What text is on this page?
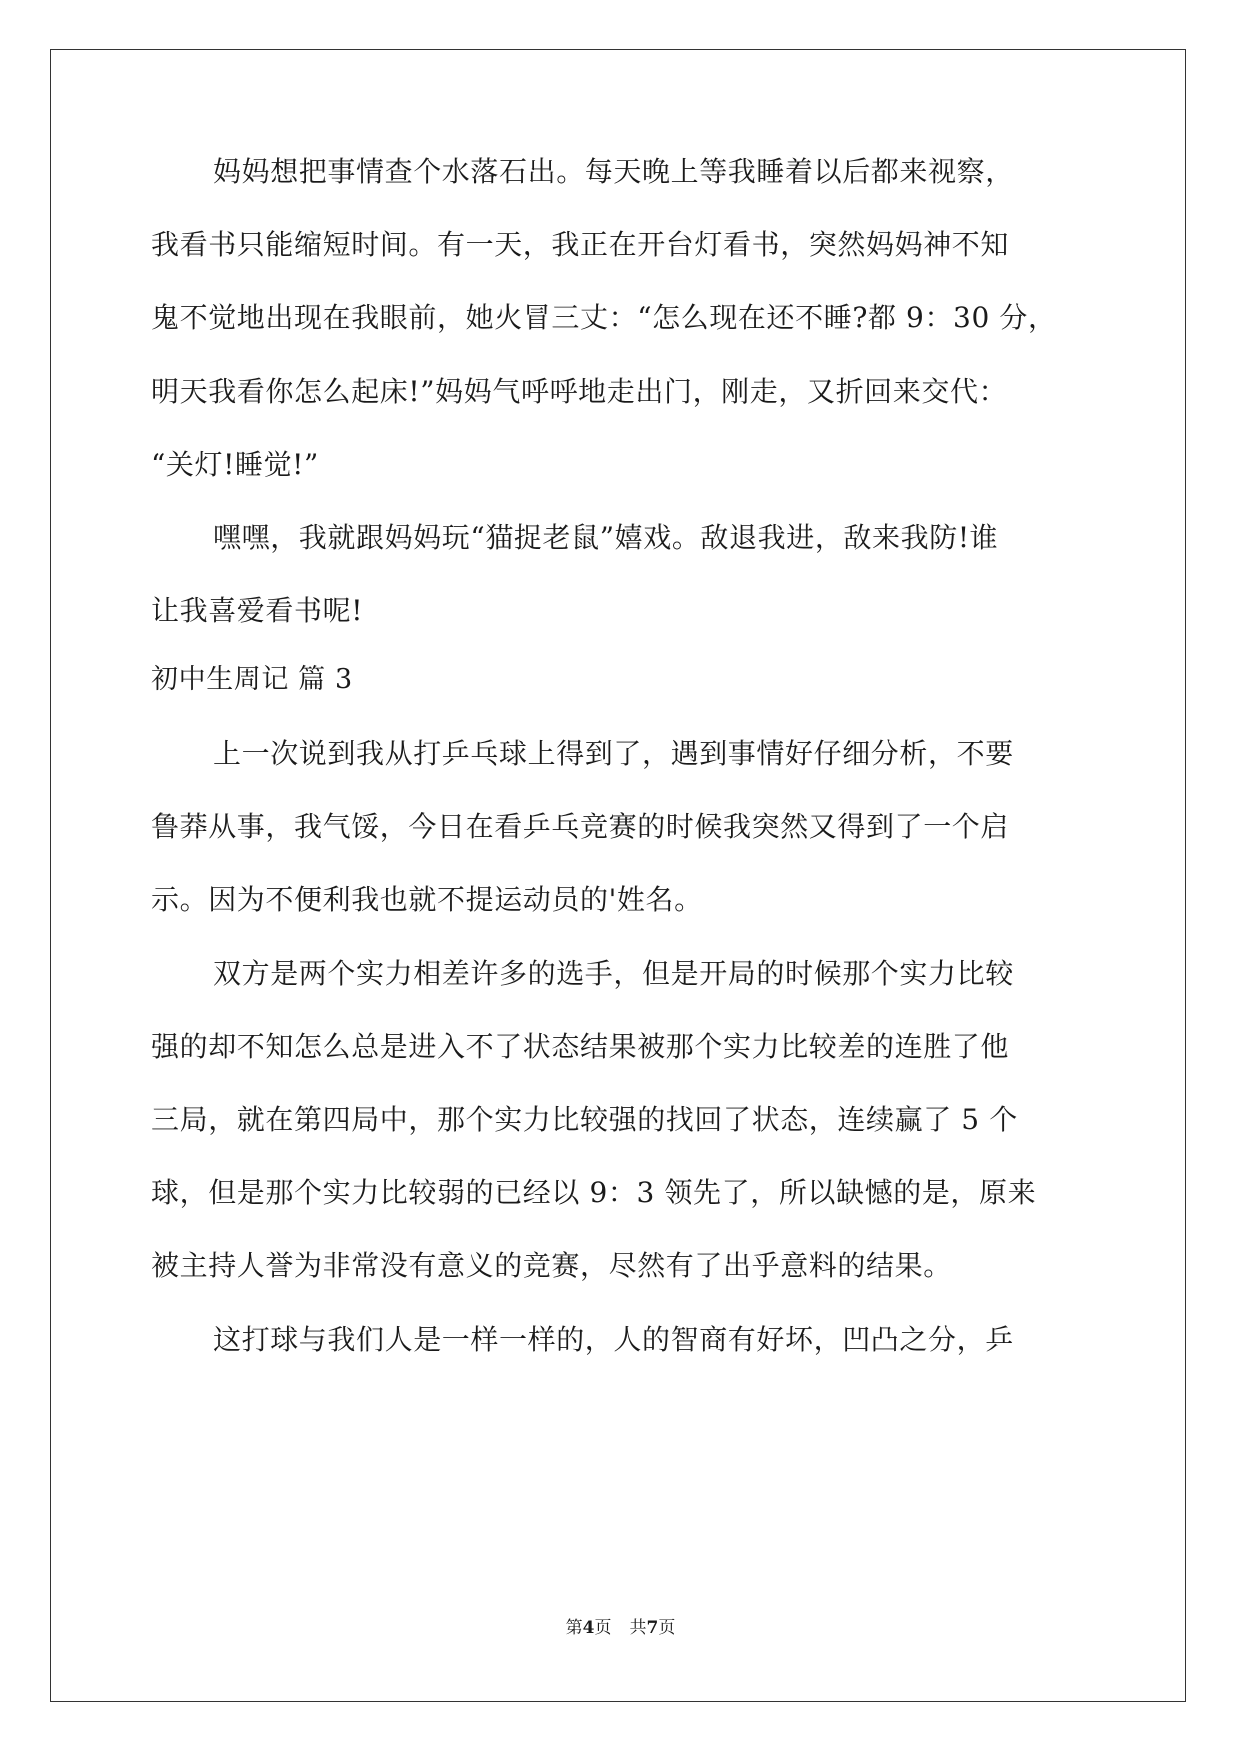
妈妈想把事情查个水落石出。每天晚上等我睡着以后都来视察，
我看书只能缩短时间。有一天，我正在开台灯看书，突然妈妈神不知
鬼不觉地出现在我眼前，她火冒三丈：“怎么现在还不睡?都 9：30 分，
明天我看你怎么起床!”妈妈气呼呼地走出门，刚走，又折回来交代：
“关灯!睡觉!”
嘿嘿，我就跟妈妈玩“猫捉老鼠”嬉戏。敌退我进，敌来我防!谁
让我喜爱看书呢!
初中生周记 篇 3
上一次说到我从打乒乓球上得到了，遇到事情好仔细分析，不要
鲁莽从事，我气馁，今日在看乒乓竞赛的时候我突然又得到了一个启
示。因为不便利我也就不提运动员的'姓名。
双方是两个实力相差许多的选手，但是开局的时候那个实力比较
强的却不知怎么总是进入不了状态结果被那个实力比较差的连胜了他
三局，就在第四局中，那个实力比较强的找回了状态，连续赢了 5 个
球，但是那个实力比较弱的已经以 9：3 领先了，所以缺憾的是，原来
被主持人誉为非常没有意义的竞赛，尽然有了出乎意料的结果。
这打球与我们人是一样一样的，人的智商有好坏，凹凸之分，乒
第4页 共7页
